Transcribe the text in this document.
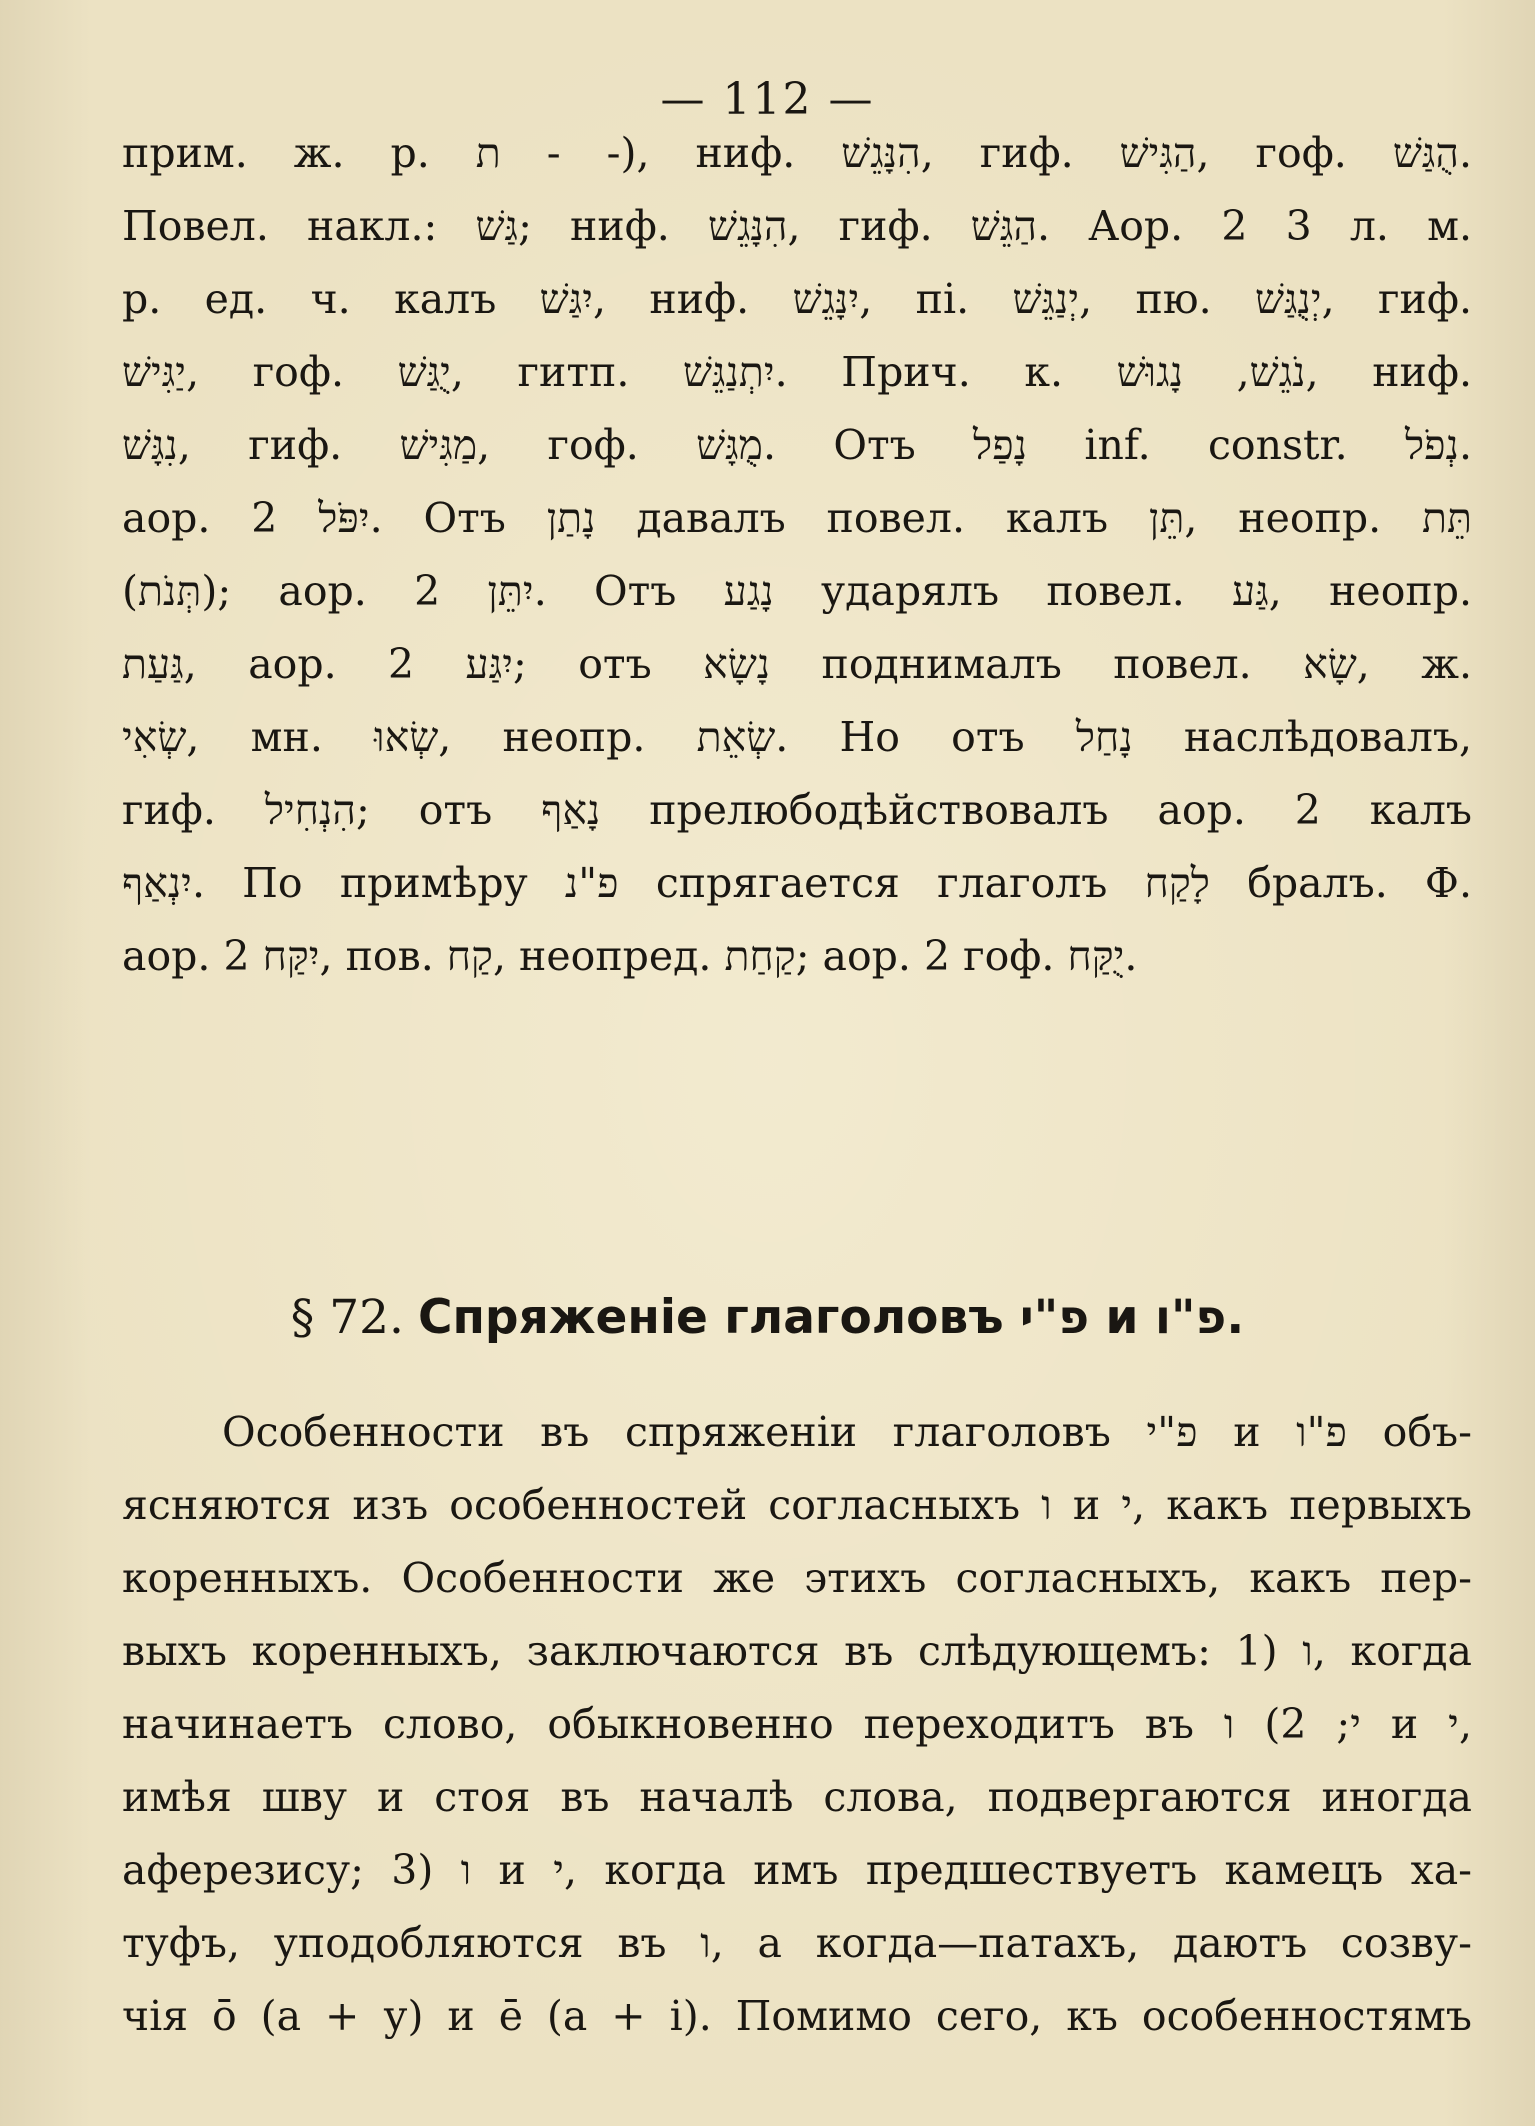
— 112 —
прим. ж. р. ת ‑ ‑), ниф. הִנָּגֵשׁ, гиф. הַגִּישׁ, гоф. הֻגַּשׁ.
Повел. накл.: גַּשׁ; ниф. הִנָּגֵשׁ, гиф. הַגֵּשׁ. Аор. 2 3 л. м.
р. ед. ч. калъ יִגַּשׁ, ниф. יִנָּגֵשׁ, пі. יְנַגֵּשׁ, пю. יְנֻגַּשׁ, гиф.
יַגִּישׁ, гоф. יֻגַּשׁ, гитп. יִתְנַגֵּשׁ. Прич. к. נֹגֵשׁ, נָגוּשׁ, ниф.
נִגָּשׁ, гиф. מַגִּישׁ, гоф. מֻגָּשׁ. Отъ נָפַל inf. constr. נְפֹל.
аор. 2 יִפֹּל. Отъ נָתַן давалъ повел. калъ תֵּן, неопр. תֵּת
(תְּנֹת); аор. 2 יִתֵּן. Отъ נָגַע ударялъ повел. גַּע, неопр.
גַּעַת, аор. 2 יִגַּע; отъ נָשָׂא поднималъ повел. שָׂא, ж.
שְׂאִי, мн. שְׂאוּ, неопр. שְׂאֵת. Но отъ נָחַל наслѣдовалъ,
гиф. הִנְחִיל; отъ נָאַף прелюбодѣйствовалъ аор. 2 калъ
יִנְאַף. По примѣру פ"נ спрягается глаголъ לָקַח бралъ. Ф.
аор. 2 יִקַּח, пов. קַח, неопред. קַחַת; аор. 2 гоф. יֻקַּח.
§ 72. Спряженіе глаголовъ פ"י и פ"ו.
Особенности въ спряженіи глаголовъ פ"י и פ"ו объ-
ясняются изъ особенностей согласныхъ ו и י, какъ первыхъ
коренныхъ. Особенности же этихъ согласныхъ, какъ пер-
выхъ коренныхъ, заключаются въ слѣдующемъ: 1) ו, когда
начинаетъ слово, обыкновенно переходитъ въ י; 2) ו и י,
имѣя шву и стоя въ началѣ слова, подвергаются иногда
аферезису; 3) ו и י, когда имъ предшествуетъ камецъ ха-
туфъ, уподобляются въ ו, а когда—патахъ, даютъ созву-
чія ō (a + у) и ē (a + і). Помимо сего, къ особенностямъ
